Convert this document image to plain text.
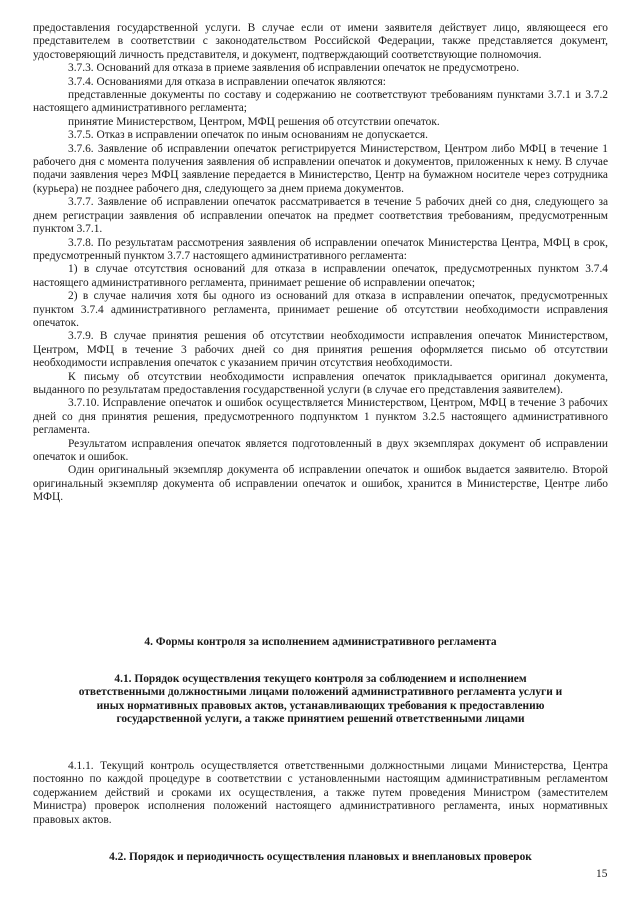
предоставления государственной услуги. В случае если от имени заявителя действует лицо, являющееся его представителем в соответствии с законодательством Российской Федерации, также представляется документ, удостоверяющий личность представителя, и документ, подтверждающий соответствующие полномочия.

3.7.3. Оснований для отказа в приеме заявления об исправлении опечаток не предусмотрено.

3.7.4. Основаниями для отказа в исправлении опечаток являются:

представленные документы по составу и содержанию не соответствуют требованиям пунктами 3.7.1 и 3.7.2 настоящего административного регламента;

принятие Министерством, Центром, МФЦ решения об отсутствии опечаток.

3.7.5. Отказ в исправлении опечаток по иным основаниям не допускается.

3.7.6. Заявление об исправлении опечаток регистрируется Министерством, Центром либо МФЦ в течение 1 рабочего дня с момента получения заявления об исправлении опечаток и документов, приложенных к нему. В случае подачи заявления через МФЦ заявление передается в Министерство, Центр на бумажном носителе через сотрудника (курьера) не позднее рабочего дня, следующего за днем приема документов.

3.7.7. Заявление об исправлении опечаток рассматривается в течение 5 рабочих дней со дня, следующего за днем регистрации заявления об исправлении опечаток на предмет соответствия требованиям, предусмотренным пунктом 3.7.1.

3.7.8. По результатам рассмотрения заявления об исправлении опечаток Министерства Центра, МФЦ в срок, предусмотренный пунктом 3.7.7 настоящего административного регламента:

1) в случае отсутствия оснований для отказа в исправлении опечаток, предусмотренных пунктом 3.7.4 настоящего административного регламента, принимает решение об исправлении опечаток;

2) в случае наличия хотя бы одного из оснований для отказа в исправлении опечаток, предусмотренных пунктом 3.7.4 административного регламента, принимает решение об отсутствии необходимости исправления опечаток.

3.7.9. В случае принятия решения об отсутствии необходимости исправления опечаток Министерством, Центром, МФЦ в течение 3 рабочих дней со дня принятия решения оформляется письмо об отсутствии необходимости исправления опечаток с указанием причин отсутствия необходимости.

К письму об отсутствии необходимости исправления опечаток прикладывается оригинал документа, выданного по результатам предоставления государственной услуги (в случае его представления заявителем).

3.7.10. Исправление опечаток и ошибок осуществляется Министерством, Центром, МФЦ в течение 3 рабочих дней со дня принятия решения, предусмотренного подпунктом 1 пунктом 3.2.5 настоящего административного регламента.

Результатом исправления опечаток является подготовленный в двух экземплярах документ об исправлении опечаток и ошибок.

Один оригинальный экземпляр документа об исправлении опечаток и ошибок выдается заявителю. Второй оригинальный экземпляр документа об исправлении опечаток и ошибок, хранится в Министерстве, Центре либо МФЦ.

4. Формы контроля за исполнением административного регламента
4.1. Порядок осуществления текущего контроля за соблюдением и исполнением ответственными должностными лицами положений административного регламента услуги и иных нормативных правовых актов, устанавливающих требования к предоставлению государственной услуги, а также принятием решений ответственными лицами

4.1.1. Текущий контроль осуществляется ответственными должностными лицами Министерства, Центра постоянно по каждой процедуре в соответствии с установленными настоящим административным регламентом содержанием действий и сроками их осуществления, а также путем проведения Министром (заместителем Министра) проверок исполнения положений настоящего административного регламента, иных нормативных правовых актов.

4.2. Порядок и периодичность осуществления плановых и внеплановых проверок
15
